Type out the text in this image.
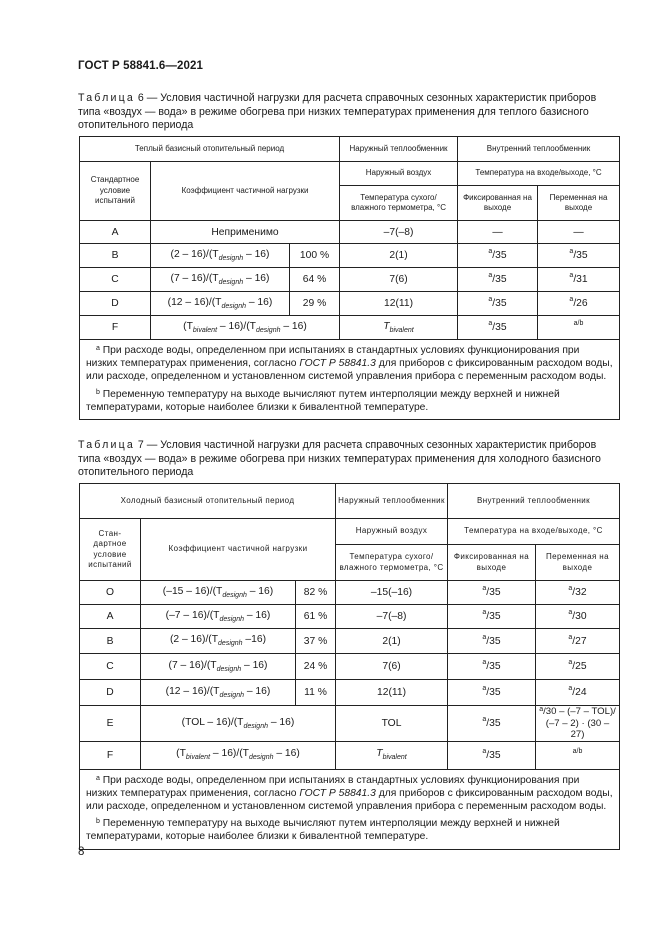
ГОСТ Р 58841.6—2021
Таблица 6 — Условия частичной нагрузки для расчета справочных сезонных характеристик приборов типа «воздух — вода» в режиме обогрева при низких температурах применения для теплого базисного отопительного периода
Теплый базисный отопительный период			Наружный теплообменник	Внутренний теплообменник	
Стандартное условие испытаний	Коэффициент частичной нагрузки		Наружный воздух	Температура на входе/выходе, °С	
			Температура сухого/ влажного термометра, °С	Фиксированная на выходе	Переменная на выходе
A	Неприменимо		–7(–8)	—	—
B	$(2 - 16)/(T_{designh} - 16)$	100 %	2(1)	$^a$/35	$^a$/35
C	$(7 - 16)/(T_{designh} - 16)$	64 %	7(6)	$^a$/35	$^a$/31
D	$(12 - 16)/(T_{designh} - 16)$	29 %	12(11)	$^a$/35	$^a$/26
F	$(T_{bivalent} - 16)/(T_{designh} - 16)$		$T_{bivalent}$	$^a$/35	$^{a/b}$

$^a$ При расходе воды, определенном при испытаниях в стандартных условиях функционирования при низких температурах применения, согласно ГОСТ Р 58841.3 для приборов с фиксированным расходом воды, или расходе, определенном и установленном системой управления прибора с переменным расходом воды.
$^b$ Переменную температуру на выходе вычисляют путем интерполяции между верхней и нижней температурами, которые наиболее близки к бивалентной температуре.					
Таблица 7 — Условия частичной нагрузки для расчета справочных сезонных характеристик приборов типа «воздух — вода» в режиме обогрева при низких температурах применения для холодного базисного отопительного периода
Холодный базисный отопительный период			Наружный теплообменник	Внутренний теплообменник	
Стан- дартное условие испытаний	Коэффициент частичной нагрузки		Наружный воздух	Температура на входе/выходе, °С	
			Температура сухого/ влажного термометра, °С	Фиксированная на выходе	Переменная на выходе
O	$(-15 - 16)/(T_{designh} - 16)$	82 %	–15(–16)	$^a$/35	$^a$/32
A	$(-7 - 16)/(T_{designh} - 16)$	61 %	–7(–8)	$^a$/35	$^a$/30
B	$(2 - 16)/(T_{designh}$ –16)	37 %	2(1)	$^a$/35	$^a$/27
C	$(7 - 16)/(T_{designh} - 16)$	24 %	7(6)	$^a$/35	$^a$/25
D	$(12 - 16)/(T_{designh} - 16)$	11 %	12(11)	$^a$/35	$^a$/24
E	$(TOL - 16)/(T_{designh} - 16)$		TOL	$^a$/35	$^a$/30 – (–7 – TOL)/
(–7 – 2) · (30 – 27)
F	$(T_{bivalent} - 16)/(T_{designh} - 16)$		$T_{bivalent}$	$^a$/35	$^{a/b}$

$^a$ При расходе воды, определенном при испытаниях в стандартных условиях функционирования при низких температурах применения, согласно ГОСТ Р 58841.3 для приборов с фиксированным расходом воды, или расходе, определенном и установленном системой управления прибора с переменным расходом воды.
$^b$ Переменную температуру на выходе вычисляют путем интерполяции между верхней и нижней температурами, которые наиболее близки к бивалентной температуре.					
8
